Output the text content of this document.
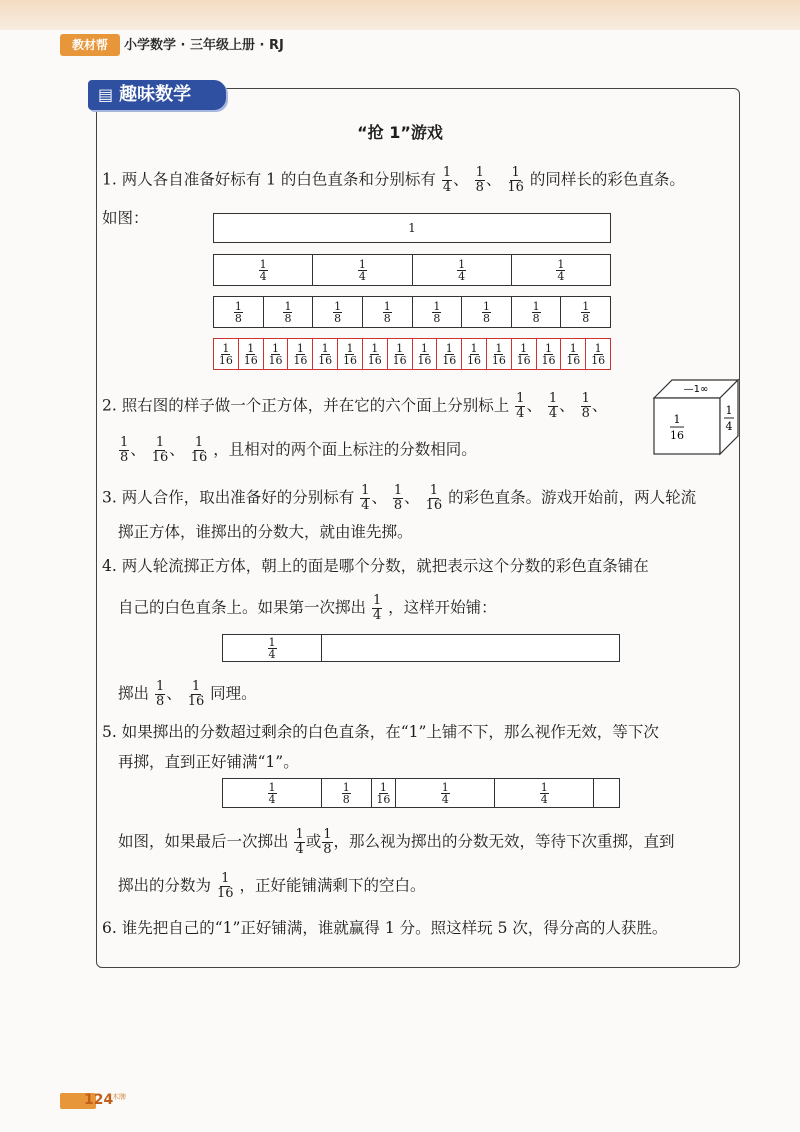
教材帮	小学数学 · 三年级上册 · RJ
▤ 趣味数学
“抢 1”游戏
1. 两人各自准备好标有 1 的白色直条和分别标有 $\frac{1}{4}$ 、 $\frac{1}{8}$ 、 $\frac{1}{16}$ 的同样长的彩色直条。
如图：
1
1
4
1
4
1
4
1
4
1
8
1
8
1
8
1
8
1
8
1
8
1
8
1
8
1
16
1
16
1
16
1
16
1
16
1
16
1
16
1
16
1
16
1
16
1
16
1
16
1
16
1
16
1
16
1
16
2. 照右图的样子做一个正方体，并在它的六个面上分别标上 $\frac{1}{4}$ 、 $\frac{1}{4}$ 、 $\frac{1}{8}$ 、
$\frac{1}{8}$ 、 $\frac{1}{16}$ 、 $\frac{1}{16}$ ，且相对的两个面上标注的分数相同。
—1∞
1
16
1
4
3. 两人合作，取出准备好的分别标有 $\frac{1}{4}$ 、 $\frac{1}{8}$ 、 $\frac{1}{16}$ 的彩色直条。游戏开始前，两人轮流
掷正方体，谁掷出的分数大，就由谁先掷。
4. 两人轮流掷正方体，朝上的面是哪个分数，就把表示这个分数的彩色直条铺在
自己的白色直条上。如果第一次掷出 $\frac{1}{4}$ ，这样开始铺：
1
4
掷出 $\frac{1}{8}$ 、 $\frac{1}{16}$ 同理。
5. 如果掷出的分数超过剩余的白色直条，在“1”上铺不下，那么视作无效，等下次
再掷，直到正好铺满“1”。
1
4
1
8
1
16
1
4
1
4
如图，如果最后一次掷出 $\frac{1}{4}$ 或 $\frac{1}{8}$ ，那么视为掷出的分数无效，等待下次重掷，直到
掷出的分数为 $\frac{1}{16}$ ，正好能铺满剩下的空白。
6. 谁先把自己的“1”正好铺满，谁就赢得 1 分。照这样玩 5 次，得分高的人获胜。
124
木牌
